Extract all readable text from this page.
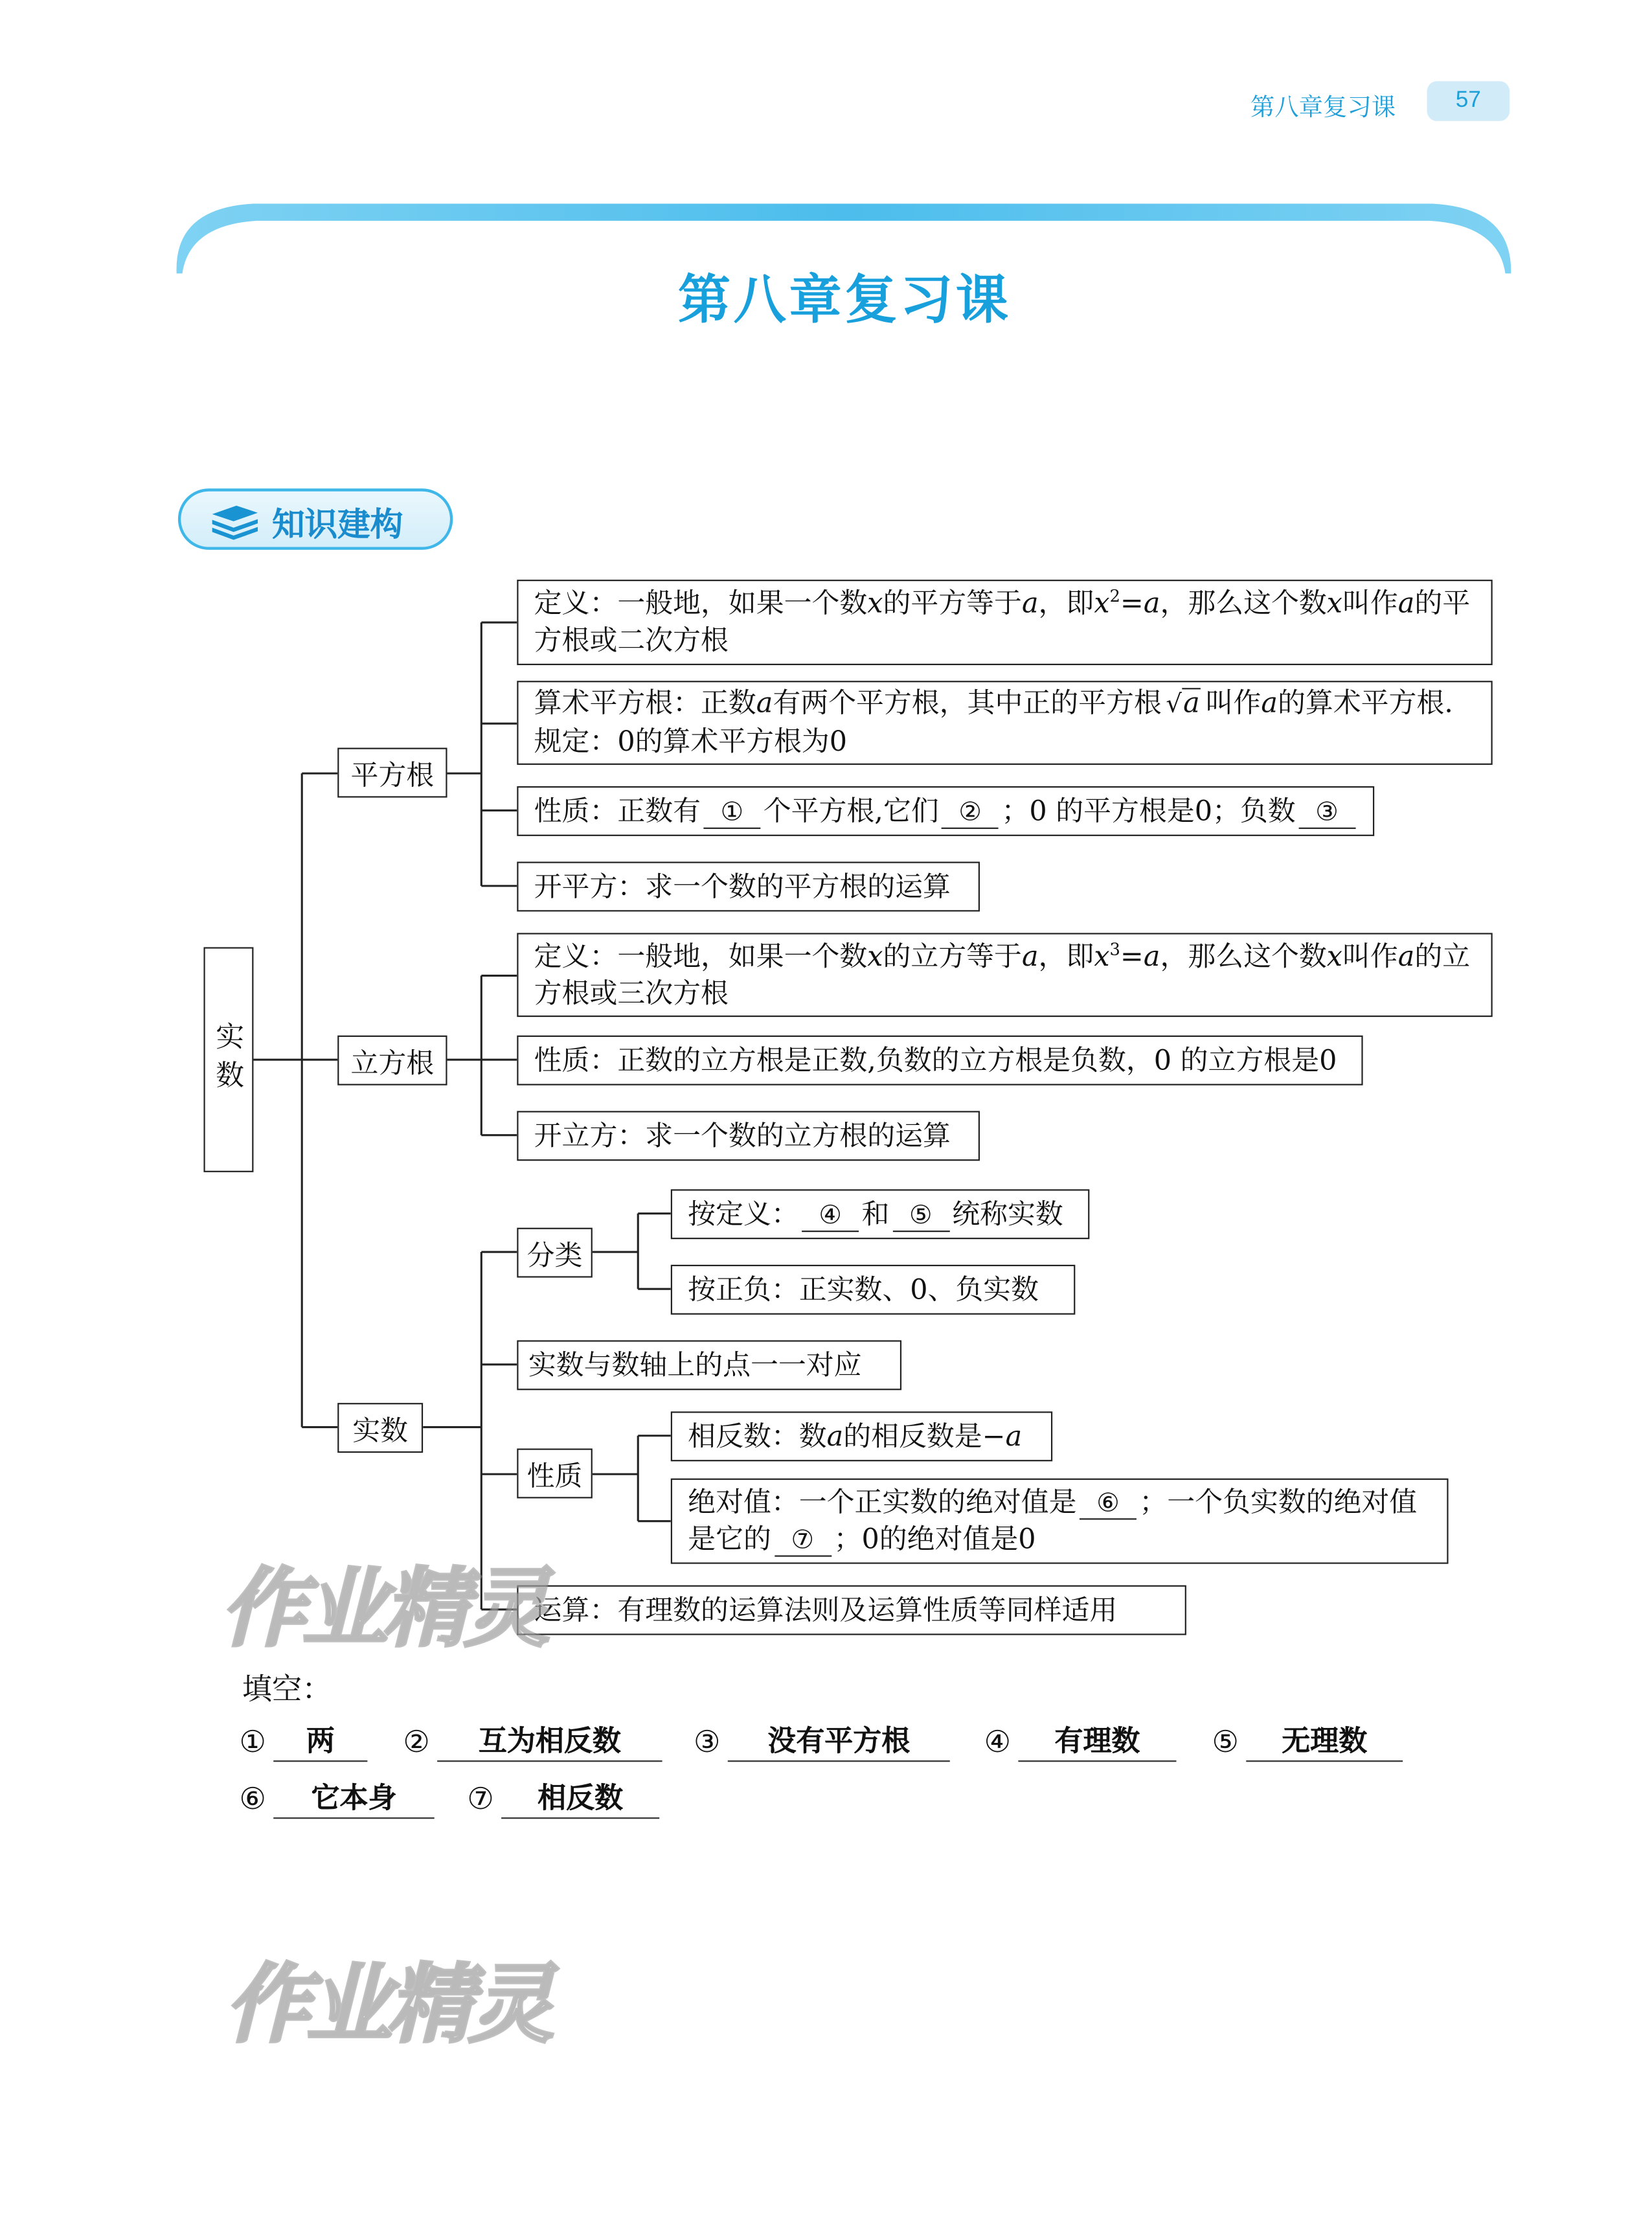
第八章复习课	57
第八章复习课
知识建构
实数
平方根
定义：一般地，如果一个数x的平方等于a，即$x^2=a$，那么这个数x叫作a的平
方根或二次方根
算术平方根：正数a有两个平方根，其中正的平方根 √ a 叫作a的算术平方根.
规定：0的算术平方根为0
性质：正数有 ① 个平方根,它们 ② ；0 的平方根是0；负数 ③
开平方：求一个数的平方根的运算
立方根
定义：一般地，如果一个数x的立方等于a，即$x^3=a$，那么这个数x叫作a的立
方根或三次方根
性质：正数的立方根是正数,负数的立方根是负数，0 的立方根是0
开立方：求一个数的立方根的运算
实数
分类
按定义： ④ 和 ⑤ 统称实数
按正负：正实数、0、负实数
实数与数轴上的点一一对应
性质
相反数：数a的相反数是−a
绝对值：一个正实数的绝对值是 ⑥ ；一个负实数的绝对值
是它的 ⑦ ；0的绝对值是0
运算：有理数的运算法则及运算性质等同样适用
作业精灵
作业精灵
填空：
①	两	②	互为相反数	③	没有平方根	④	有理数	⑤	无理数
⑥	它本身	⑦	相反数
